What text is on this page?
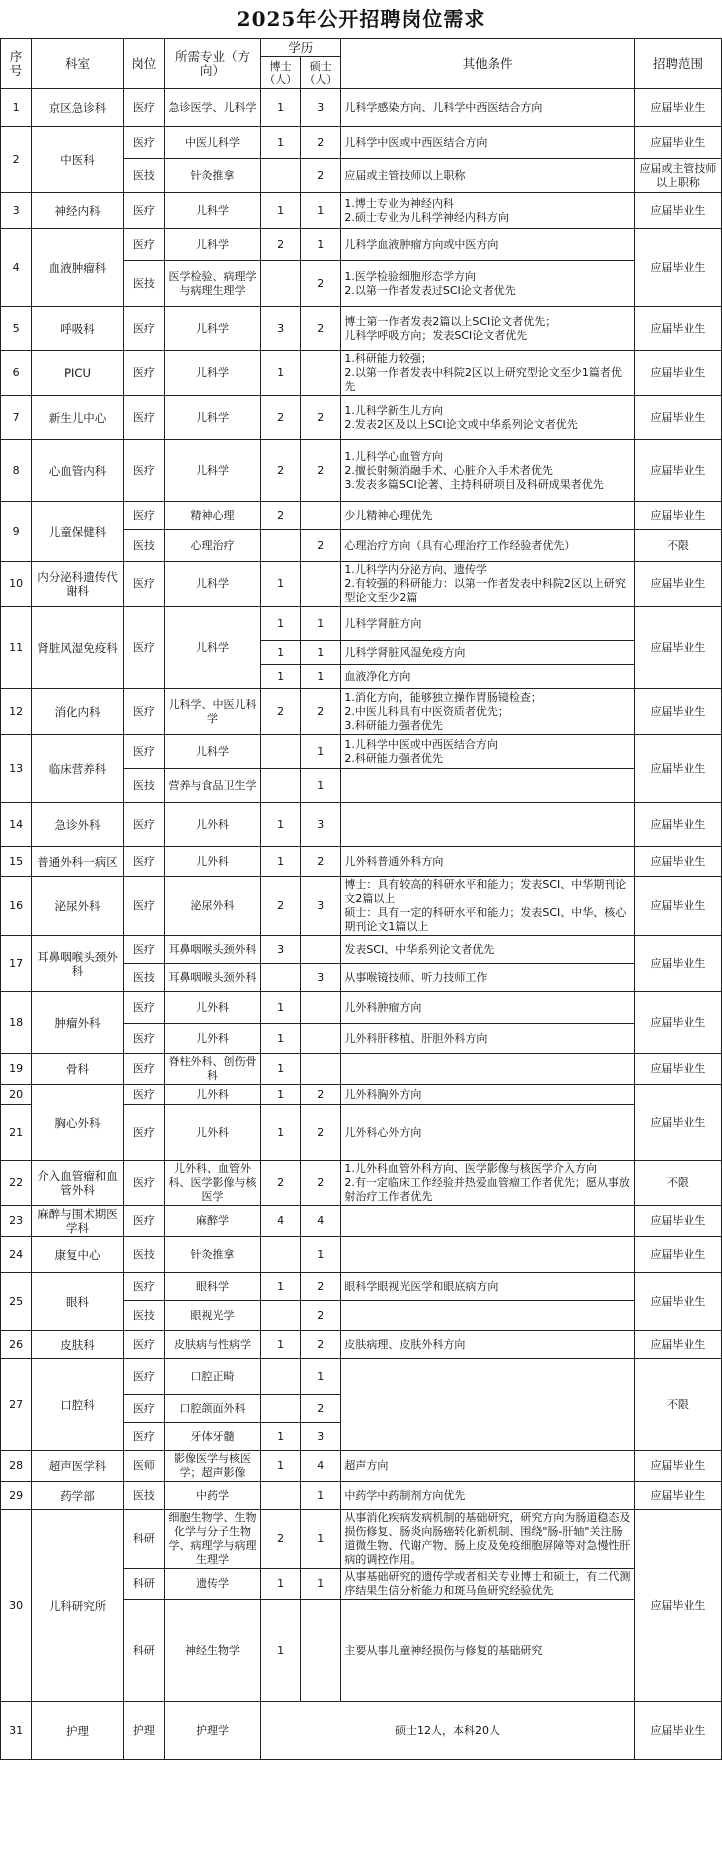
2025年公开招聘岗位需求
序号	科室	岗位	所需专业（方向）	学历		其他条件	招聘范围
				博士（人）	硕士（人）		
1	京区急诊科	医疗	急诊医学、儿科学	1	3	儿科学感染方向、儿科学中西医结合方向	应届毕业生
2	中医科	医疗	中医儿科学	1	2	儿科学中医或中西医结合方向	应届毕业生
		医技	针灸推拿		2	应届或主管技师以上职称	应届或主管技师以上职称
3	神经内科	医疗	儿科学	1	1	1.博士专业为神经内科
2.硕士专业为儿科学神经内科方向	应届毕业生
4	血液肿瘤科	医疗	儿科学	2	1	儿科学血液肿瘤方向或中医方向	应届毕业生
		医技	医学检验、病理学与病理生理学		2	1.医学检验细胞形态学方向
2.以第一作者发表过SCI论文者优先	
5	呼吸科	医疗	儿科学	3	2	博士第一作者发表2篇以上SCI论文者优先；
儿科学呼吸方向；发表SCI论文者优先	应届毕业生
6	PICU	医疗	儿科学	1		1.科研能力较强；
2.以第一作者发表中科院2区以上研究型论文至少1篇者优先	应届毕业生
7	新生儿中心	医疗	儿科学	2	2	1.儿科学新生儿方向
2.发表2区及以上SCI论文或中华系列论文者优先	应届毕业生
8	心血管内科	医疗	儿科学	2	2	1.儿科学心血管方向
2.擅长射频消融手术、心脏介入手术者优先
3.发表多篇SCI论著、主持科研项目及科研成果者优先	应届毕业生
9	儿童保健科	医疗	精神心理	2		少儿精神心理优先	应届毕业生
		医技	心理治疗		2	心理治疗方向（具有心理治疗工作经验者优先）	不限
10	内分泌科遗传代谢科	医疗	儿科学	1		1.儿科学内分泌方向、遗传学
2.有较强的科研能力：以第一作者发表中科院2区以上研究型论文至少2篇	应届毕业生
11	肾脏风湿免疫科	医疗	儿科学	1	1	儿科学肾脏方向	应届毕业生
				1	1	儿科学肾脏风湿免疫方向	
				1	1	血液净化方向	
12	消化内科	医疗	儿科学、中医儿科学	2	2	1.消化方向，能够独立操作胃肠镜检查；
2.中医儿科具有中医资质者优先；
3.科研能力强者优先	应届毕业生
13	临床营养科	医疗	儿科学		1	1.儿科学中医或中西医结合方向
2.科研能力强者优先	应届毕业生
		医技	营养与食品卫生学		1		
14	急诊外科	医疗	儿外科	1	3		应届毕业生
15	普通外科一病区	医疗	儿外科	1	2	儿外科普通外科方向	应届毕业生
16	泌尿外科	医疗	泌尿外科	2	3	博士：具有较高的科研水平和能力；发表SCI、中华期刊论文2篇以上
硕士：具有一定的科研水平和能力；发表SCI、中华、核心期刊论文1篇以上	应届毕业生
17	耳鼻咽喉头颈外科	医疗	耳鼻咽喉头颈外科	3		发表SCI、中华系列论文者优先	应届毕业生
		医技	耳鼻咽喉头颈外科		3	从事喉镜技师、听力技师工作	
18	肿瘤外科	医疗	儿外科	1		儿外科肿瘤方向	应届毕业生
		医疗	儿外科	1		儿外科肝移植、肝胆外科方向	
19	骨科	医疗	脊柱外科、创伤骨科	1			应届毕业生
20	胸心外科	医疗	儿外科	1	2	儿外科胸外方向	应届毕业生
21		医疗	儿外科	1	2	儿外科心外方向	
22	介入血管瘤和血管外科	医疗	儿外科、血管外科、医学影像与核医学	2	2	1.儿外科血管外科方向、医学影像与核医学介入方向
2.有一定临床工作经验并热爱血管瘤工作者优先；愿从事放射治疗工作者优先	不限
23	麻醉与围术期医学科	医疗	麻醉学	4	4		应届毕业生
24	康复中心	医技	针灸推拿		1		应届毕业生
25	眼科	医疗	眼科学	1	2	眼科学眼视光医学和眼底病方向	应届毕业生
		医技	眼视光学		2		
26	皮肤科	医疗	皮肤病与性病学	1	2	皮肤病理、皮肤外科方向	应届毕业生
27	口腔科	医疗	口腔正畸		1		不限
		医疗	口腔颌面外科		2		
		医疗	牙体牙髓	1	3		
28	超声医学科	医师	影像医学与核医学；超声影像	1	4	超声方向	应届毕业生
29	药学部	医技	中药学		1	中药学中药制剂方向优先	应届毕业生
30	儿科研究所	科研	细胞生物学、生物化学与分子生物学、病理学与病理生理学	2	1	从事消化疾病发病机制的基础研究，研究方向为肠道稳态及损伤修复、肠炎向肠癌转化新机制、围绕"肠-肝轴"关注肠道微生物、代谢产物、肠上皮及免疫细胞屏障等对急慢性肝病的调控作用。	应届毕业生
		科研	遗传学	1	1	从事基础研究的遗传学或者相关专业博士和硕士，有二代测序结果生信分析能力和斑马鱼研究经验优先	
		科研	神经生物学	1		主要从事儿童神经损伤与修复的基础研究	
31	护理	护理	护理学	硕士12人，本科20人			应届毕业生
